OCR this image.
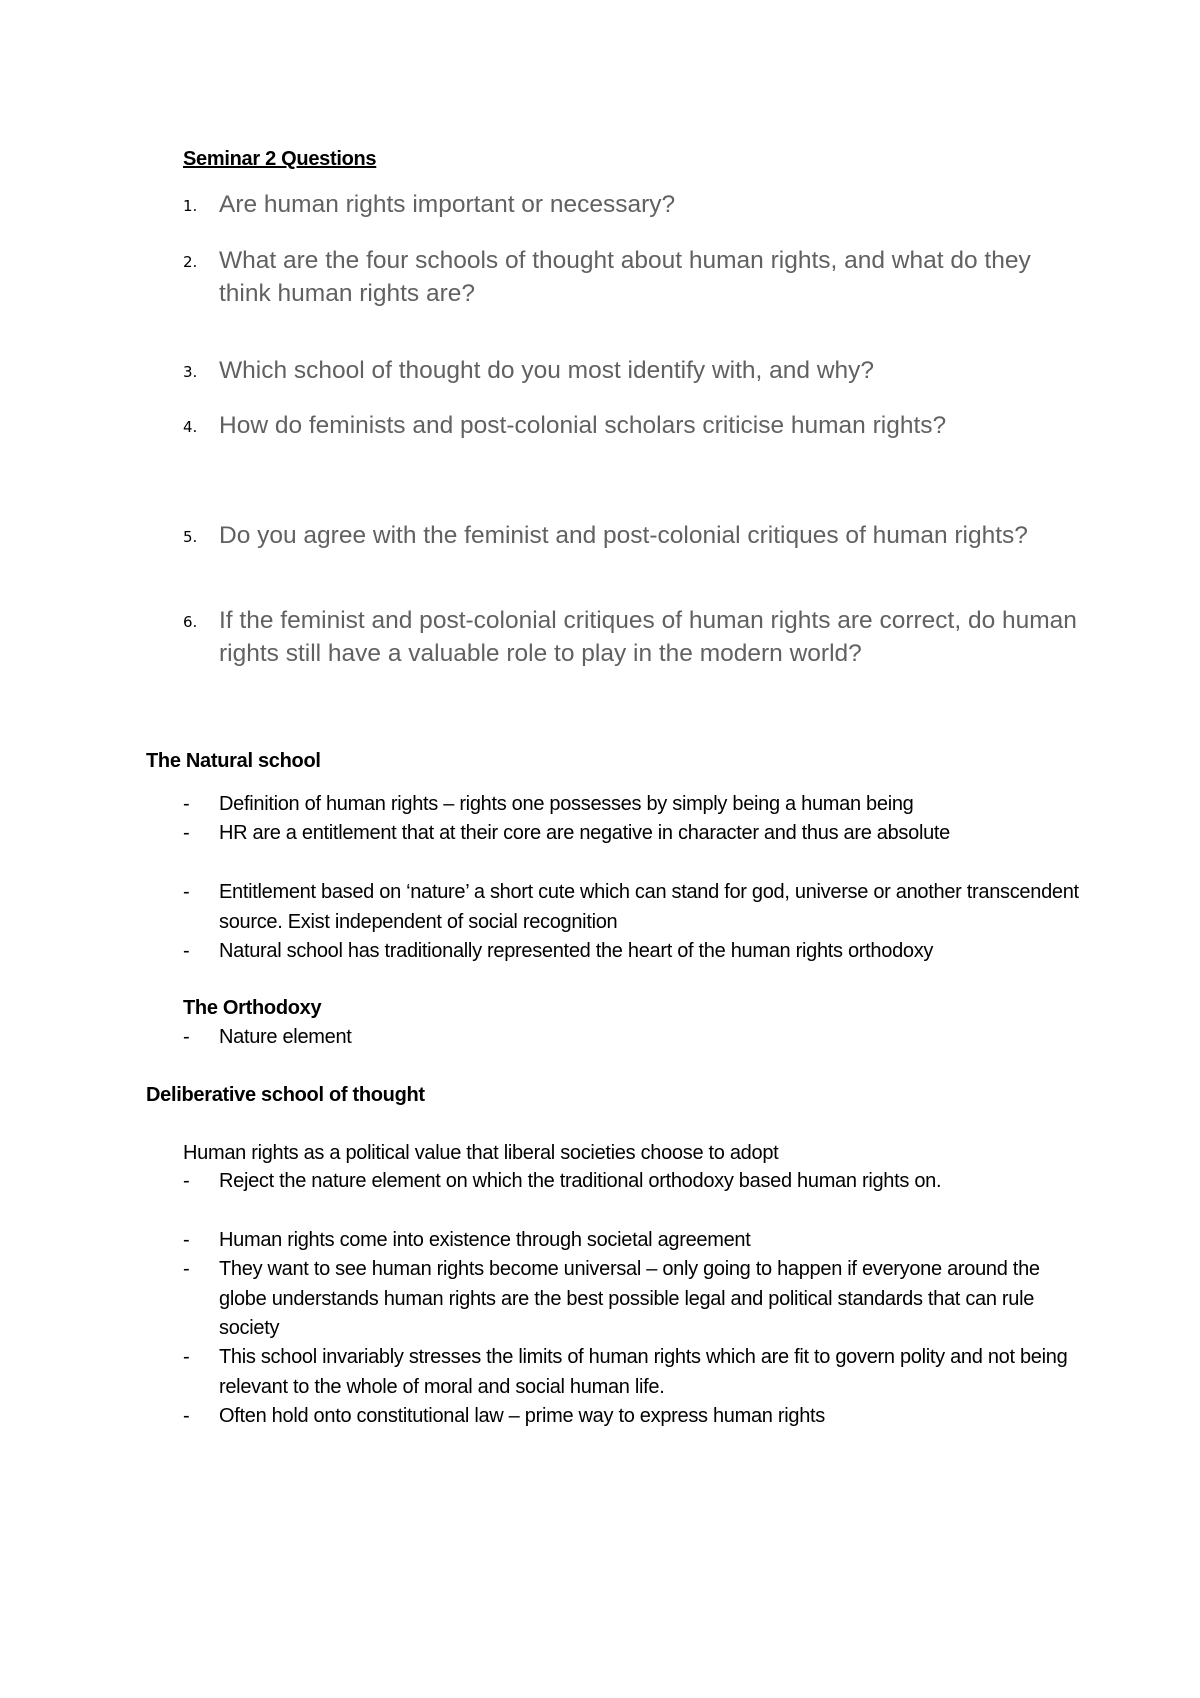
Seminar 2 Questions
1. Are human rights important or necessary?
2. What are the four schools of thought about human rights, and what do they think human rights are?
3. Which school of thought do you most identify with, and why?
4. How do feminists and post-colonial scholars criticise human rights?
5. Do you agree with the feminist and post-colonial critiques of human rights?
6. If the feminist and post-colonial critiques of human rights are correct, do human rights still have a valuable role to play in the modern world?
The Natural school
- Definition of human rights – rights one possesses by simply being a human being
- HR are a entitlement that at their core are negative in character and thus are absolute
- Entitlement based on ‘nature’ a short cute which can stand for god, universe or another transcendent source. Exist independent of social recognition
- Natural school has traditionally represented the heart of the human rights orthodoxy
The Orthodoxy
- Nature element
Deliberative school of thought
Human rights as a political value that liberal societies choose to adopt
- Reject the nature element on which the traditional orthodoxy based human rights on.
- Human rights come into existence through societal agreement
- They want to see human rights become universal – only going to happen if everyone around the globe understands human rights are the best possible legal and political standards that can rule society
- This school invariably stresses the limits of human rights which are fit to govern polity and not being relevant to the whole of moral and social human life.
- Often hold onto constitutional law – prime way to express human rights
